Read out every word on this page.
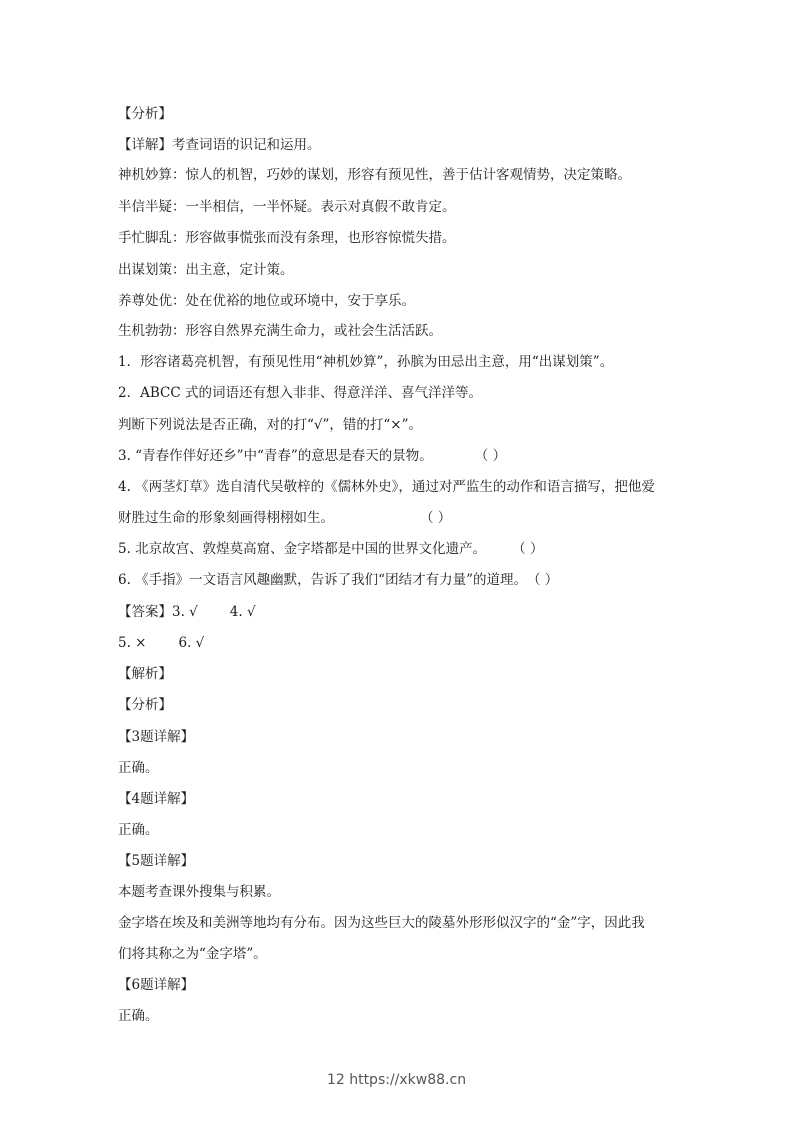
【分析】
【详解】考查词语的识记和运用。
神机妙算：惊人的机智，巧妙的谋划，形容有预见性，善于估计客观情势，决定策略。
半信半疑：一半相信，一半怀疑。表示对真假不敢肯定。
手忙脚乱：形容做事慌张而没有条理，也形容惊慌失措。
出谋划策：出主意，定计策。
养尊处优：处在优裕的地位或环境中，安于享乐。
生机勃勃：形容自然界充满生命力，或社会生活活跃。
1．形容诸葛亮机智，有预见性用“神机妙算”，孙膑为田忌出主意，用“出谋划策”。
2．ABCC 式的词语还有想入非非、得意洋洋、喜气洋洋等。
判断下列说法是否正确，对的打“√”，错的打“×”。
3. “青春作伴好还乡”中“青春”的意思是春天的景物。	（ ）
4. 《两茎灯草》选自清代吴敬梓的《儒林外史》，通过对严监生的动作和语言描写，把他爱
财胜过生命的形象刻画得栩栩如生。	（ ）
5. 北京故宫、敦煌莫高窟、金字塔都是中国的世界文化遗产。 （ ）
6. 《手指》一文语言风趣幽默，告诉了我们“团结才有力量”的道理。（ ）
【答案】3. √ 4. √
5. × 6. √
【解析】
【分析】
【3题详解】
正确。
【4题详解】
正确。
【5题详解】
本题考查课外搜集与积累。
金字塔在埃及和美洲等地均有分布。因为这些巨大的陵墓外形形似汉字的“金”字，因此我
们将其称之为“金字塔”。
【6题详解】
正确。
12 https://xkw88.cn
